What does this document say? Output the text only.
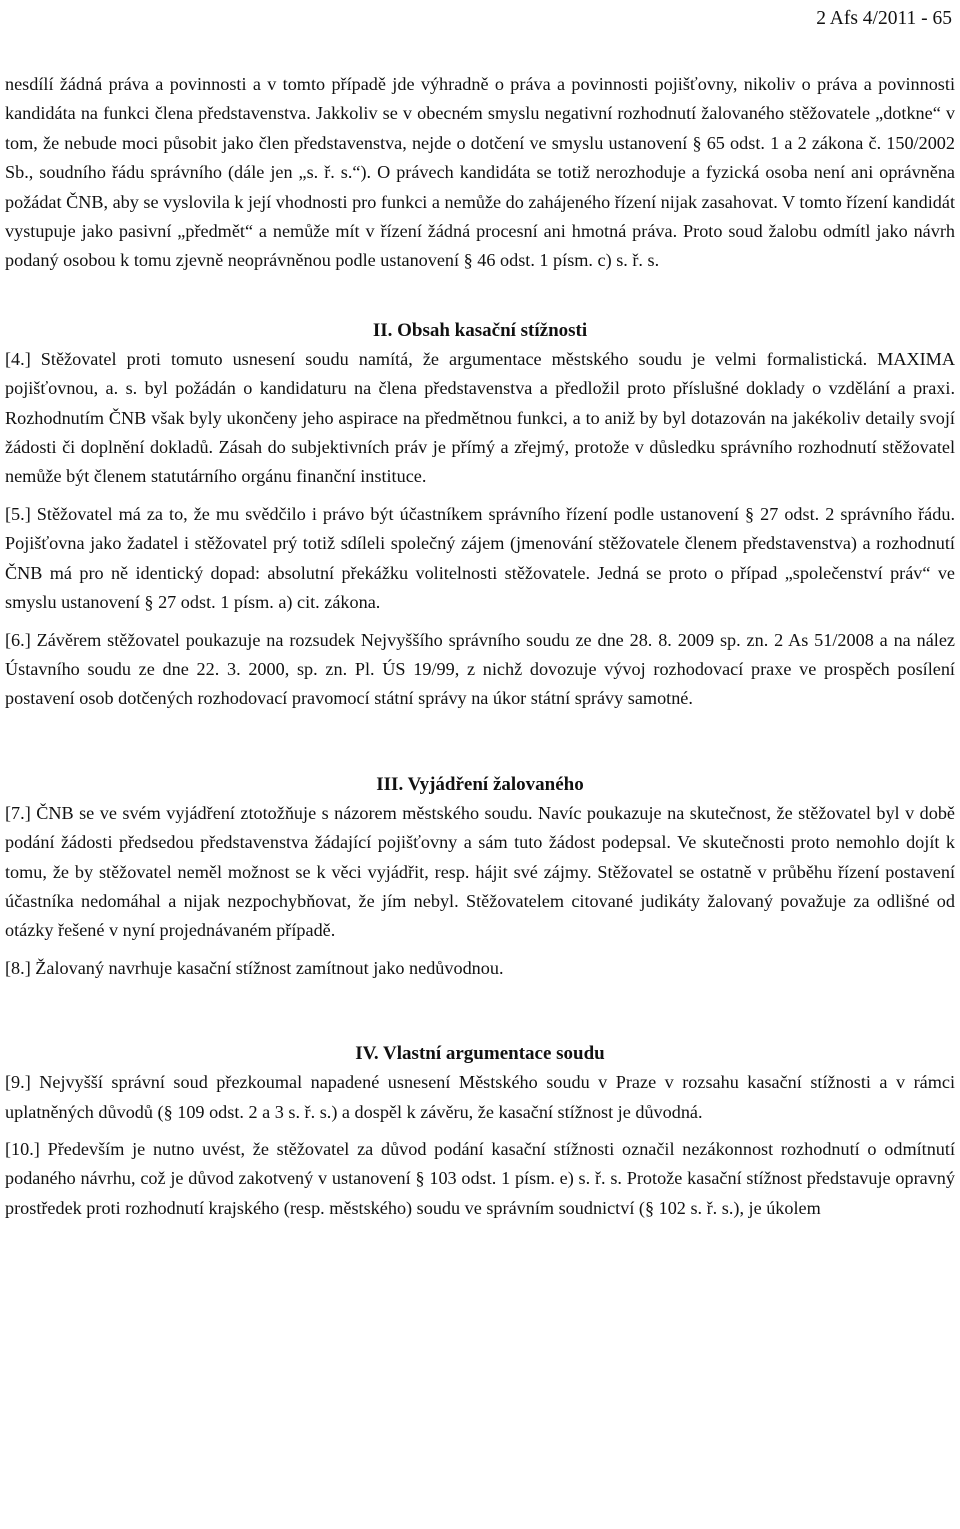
2 Afs 4/2011 - 65

nesdílí žádná práva a povinnosti a v tomto případě jde výhradně o práva a povinnosti pojišťovny, nikoliv o práva a povinnosti kandidáta na funkci člena představenstva. Jakkoliv se v obecném smyslu negativní rozhodnutí žalovaného stěžovatele „dotkne“ v tom, že nebude moci působit jako člen představenstva, nejde o dotčení ve smyslu ustanovení § 65 odst. 1 a 2 zákona č. 150/2002 Sb., soudního řádu správního (dále jen „s. ř. s.“). O právech kandidáta se totiž nerozhoduje a fyzická osoba není ani oprávněna požádat ČNB, aby se vyslovila k její vhodnosti pro funkci a nemůže do zahájeného řízení nijak zasahovat. V tomto řízení kandidát vystupuje jako pasivní „předmět“ a nemůže mít v řízení žádná procesní ani hmotná práva. Proto soud žalobu odmítl jako návrh podaný osobou k tomu zjevně neoprávněnou podle ustanovení § 46 odst. 1 písm. c) s. ř. s.

II. Obsah kasační stížnosti

[4.] Stěžovatel proti tomuto usnesení soudu namítá, že argumentace městského soudu je velmi formalistická. MAXIMA pojišťovnou, a. s. byl požádán o kandidaturu na člena představenstva a předložil proto příslušné doklady o vzdělání a praxi. Rozhodnutím ČNB však byly ukončeny jeho aspirace na předmětnou funkci, a to aniž by byl dotazován na jakékoliv detaily svojí žádosti či doplnění dokladů. Zásah do subjektivních práv je přímý a zřejmý, protože v důsledku správního rozhodnutí stěžovatel nemůže být členem statutárního orgánu finanční instituce.

[5.] Stěžovatel má za to, že mu svědčilo i právo být účastníkem správního řízení podle ustanovení § 27 odst. 2 správního řádu. Pojišťovna jako žadatel i stěžovatel prý totiž sdíleli společný zájem (jmenování stěžovatele členem představenstva) a rozhodnutí ČNB má pro ně identický dopad: absolutní překážku volitelnosti stěžovatele. Jedná se proto o případ „společenství práv“ ve smyslu ustanovení § 27 odst. 1 písm. a) cit. zákona.

[6.] Závěrem stěžovatel poukazuje na rozsudek Nejvyššího správního soudu ze dne 28. 8. 2009 sp. zn. 2 As 51/2008 a na nález Ústavního soudu ze dne 22. 3. 2000, sp. zn. Pl. ÚS 19/99, z nichž dovozuje vývoj rozhodovací praxe ve prospěch posílení postavení osob dotčených rozhodovací pravomocí státní správy na úkor státní správy samotné.

III. Vyjádření žalovaného

[7.] ČNB se ve svém vyjádření ztotožňuje s názorem městského soudu. Navíc poukazuje na skutečnost, že stěžovatel byl v době podání žádosti předsedou představenstva žádající pojišťovny a sám tuto žádost podepsal. Ve skutečnosti proto nemohlo dojít k tomu, že by stěžovatel neměl možnost se k věci vyjádřit, resp. hájit své zájmy. Stěžovatel se ostatně v průběhu řízení postavení účastníka nedomáhal a nijak nezpochybňovat, že jím nebyl. Stěžovatelem citované judikáty žalovaný považuje za odlišné od otázky řešené v nyní projednávaném případě.

[8.] Žalovaný navrhuje kasační stížnost zamítnout jako nedůvodnou.

IV. Vlastní argumentace soudu

[9.] Nejvyšší správní soud přezkoumal napadené usnesení Městského soudu v Praze v rozsahu kasační stížnosti a v rámci uplatněných důvodů (§ 109 odst. 2 a 3 s. ř. s.) a dospěl k závěru, že kasační stížnost je důvodná.

[10.] Především je nutno uvést, že stěžovatel za důvod podání kasační stížnosti označil nezákonnost rozhodnutí o odmítnutí podaného návrhu, což je důvod zakotvený v ustanovení § 103 odst. 1 písm. e) s. ř. s. Protože kasační stížnost představuje opravný prostředek proti rozhodnutí krajského (resp. městského) soudu ve správním soudnictví (§ 102 s. ř. s.), je úkolem
